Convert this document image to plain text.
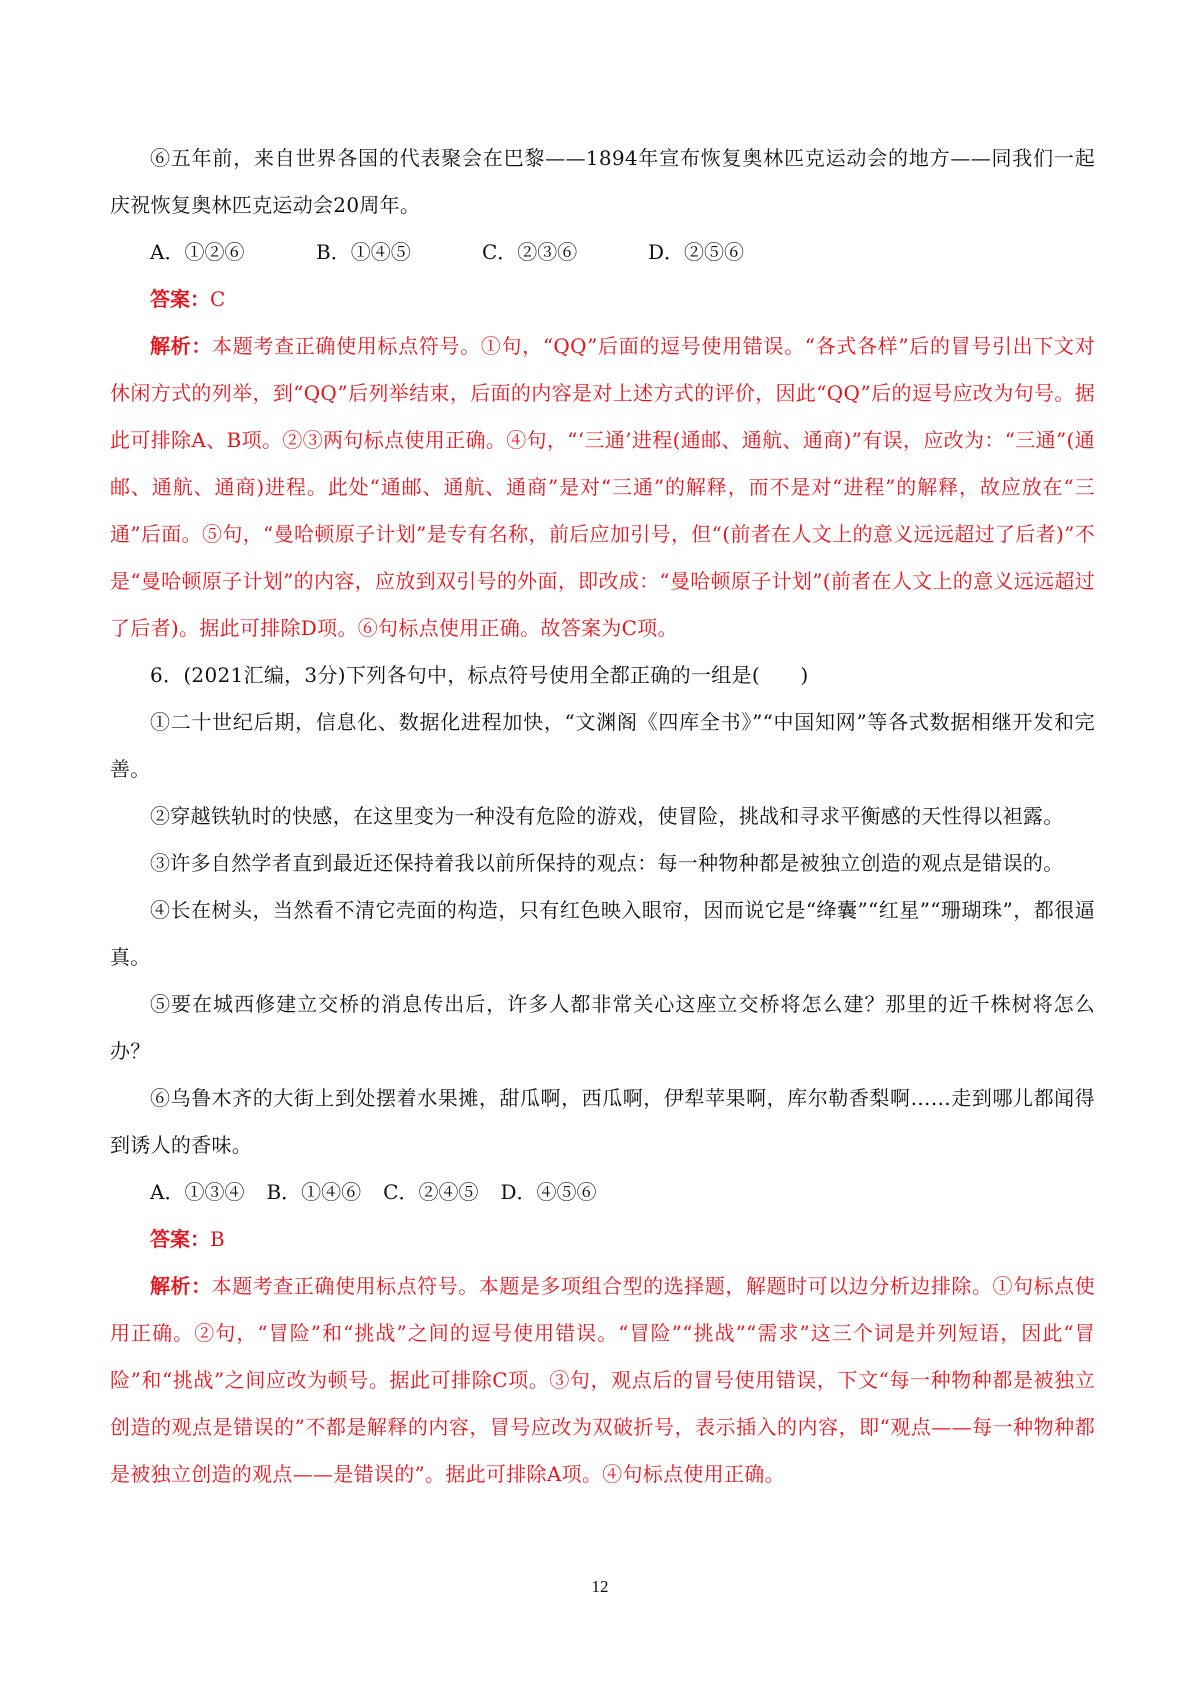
⑥五年前，来自世界各国的代表聚会在巴黎——1894年宣布恢复奥林匹克运动会的地方——同我们一起庆祝恢复奥林匹克运动会20周年。

A．①②⑥	B．①④⑤	C．②③⑥	D．②⑤⑥

答案：C

解析：本题考查正确使用标点符号。①句，“QQ”后面的逗号使用错误。“各式各样”后的冒号引出下文对休闲方式的列举，到“QQ”后列举结束，后面的内容是对上述方式的评价，因此“QQ”后的逗号应改为句号。据此可排除A、B项。②③两句标点使用正确。④句，“‘三通’进程(通邮、通航、通商)”有误，应改为：“三通”(通邮、通航、通商)进程。此处“通邮、通航、通商”是对“三通”的解释，而不是对“进程”的解释，故应放在“三通”后面。⑤句，“曼哈顿原子计划”是专有名称，前后应加引号，但“(前者在人文上的意义远远超过了后者)”不是“曼哈顿原子计划”的内容，应放到双引号的外面，即改成：“曼哈顿原子计划”(前者在人文上的意义远远超过了后者)。据此可排除D项。⑥句标点使用正确。故答案为C项。

6．(2021汇编，3分)下列各句中，标点符号使用全都正确的一组是(　　)

①二十世纪后期，信息化、数据化进程加快，“文渊阁《四库全书》”“中国知网”等各式数据相继开发和完善。

②穿越铁轨时的快感，在这里变为一种没有危险的游戏，使冒险，挑战和寻求平衡感的天性得以袒露。

③许多自然学者直到最近还保持着我以前所保持的观点：每一种物种都是被独立创造的观点是错误的。

④长在树头，当然看不清它壳面的构造，只有红色映入眼帘，因而说它是“绛囊”“红星”“珊瑚珠”，都很逼真。

⑤要在城西修建立交桥的消息传出后，许多人都非常关心这座立交桥将怎么建？那里的近千株树将怎么办？

⑥乌鲁木齐的大街上到处摆着水果摊，甜瓜啊，西瓜啊，伊犁苹果啊，库尔勒香梨啊……走到哪儿都闻得到诱人的香味。

A．①③④ B．①④⑥ C．②④⑤ D．④⑤⑥

答案：B

解析：本题考查正确使用标点符号。本题是多项组合型的选择题，解题时可以边分析边排除。①句标点使用正确。②句，“冒险”和“挑战”之间的逗号使用错误。“冒险”“挑战”“需求”这三个词是并列短语，因此“冒险”和“挑战”之间应改为顿号。据此可排除C项。③句，观点后的冒号使用错误，下文“每一种物种都是被独立创造的观点是错误的”不都是解释的内容，冒号应改为双破折号，表示插入的内容，即“观点——每一种物种都是被独立创造的观点——是错误的”。据此可排除A项。④句标点使用正确。

12
